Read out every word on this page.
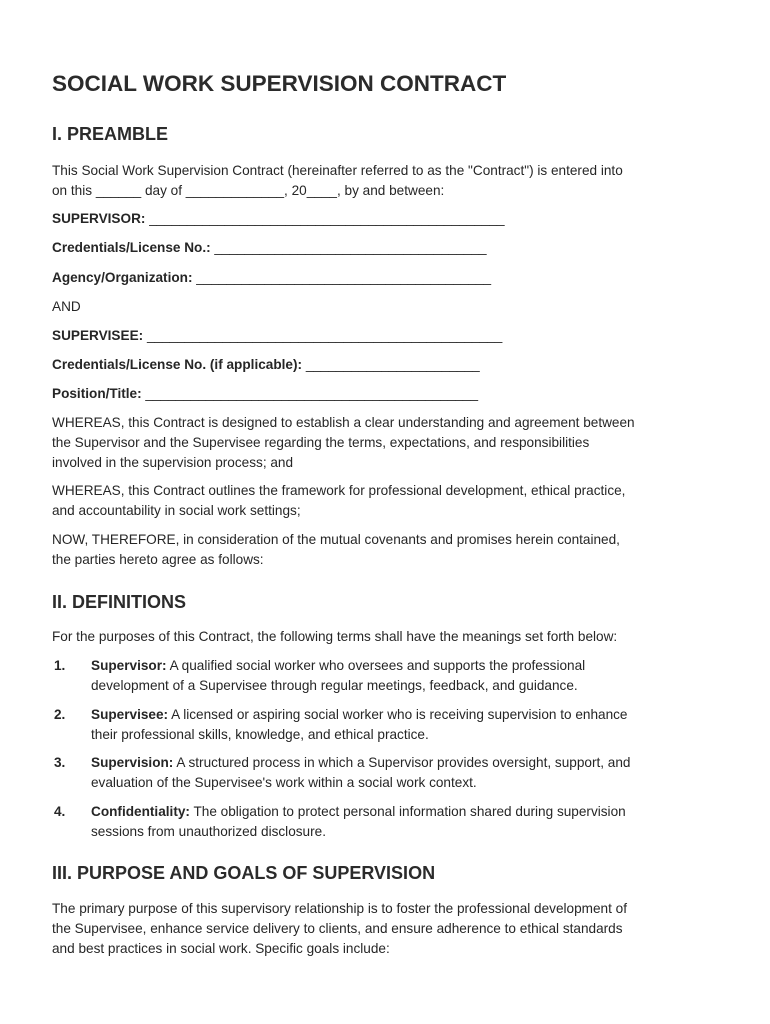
SOCIAL WORK SUPERVISION CONTRACT
I. PREAMBLE

This Social Work Supervision Contract (hereinafter referred to as the "Contract") is entered into
on this ______ day of _____________, 20____, by and between:

SUPERVISOR: _______________________________________________
Credentials/License No.: ____________________________________
Agency/Organization: _______________________________________
AND
SUPERVISEE: _______________________________________________
Credentials/License No. (if applicable): _______________________
Position/Title: ____________________________________________

WHEREAS, this Contract is designed to establish a clear understanding and agreement between
the Supervisor and the Supervisee regarding the terms, expectations, and responsibilities
involved in the supervision process; and

WHEREAS, this Contract outlines the framework for professional development, ethical practice,
and accountability in social work settings;

NOW, THEREFORE, in consideration of the mutual covenants and promises herein contained,
the parties hereto agree as follows:

II. DEFINITIONS

For the purposes of this Contract, the following terms shall have the meanings set forth below:

1. Supervisor: A qualified social worker who oversees and supports the professional
development of a Supervisee through regular meetings, feedback, and guidance.
2. Supervisee: A licensed or aspiring social worker who is receiving supervision to enhance
their professional skills, knowledge, and ethical practice.
3. Supervision: A structured process in which a Supervisor provides oversight, support, and
evaluation of the Supervisee's work within a social work context.
4. Confidentiality: The obligation to protect personal information shared during supervision
sessions from unauthorized disclosure.
III. PURPOSE AND GOALS OF SUPERVISION

The primary purpose of this supervisory relationship is to foster the professional development of
the Supervisee, enhance service delivery to clients, and ensure adherence to ethical standards
and best practices in social work. Specific goals include:
